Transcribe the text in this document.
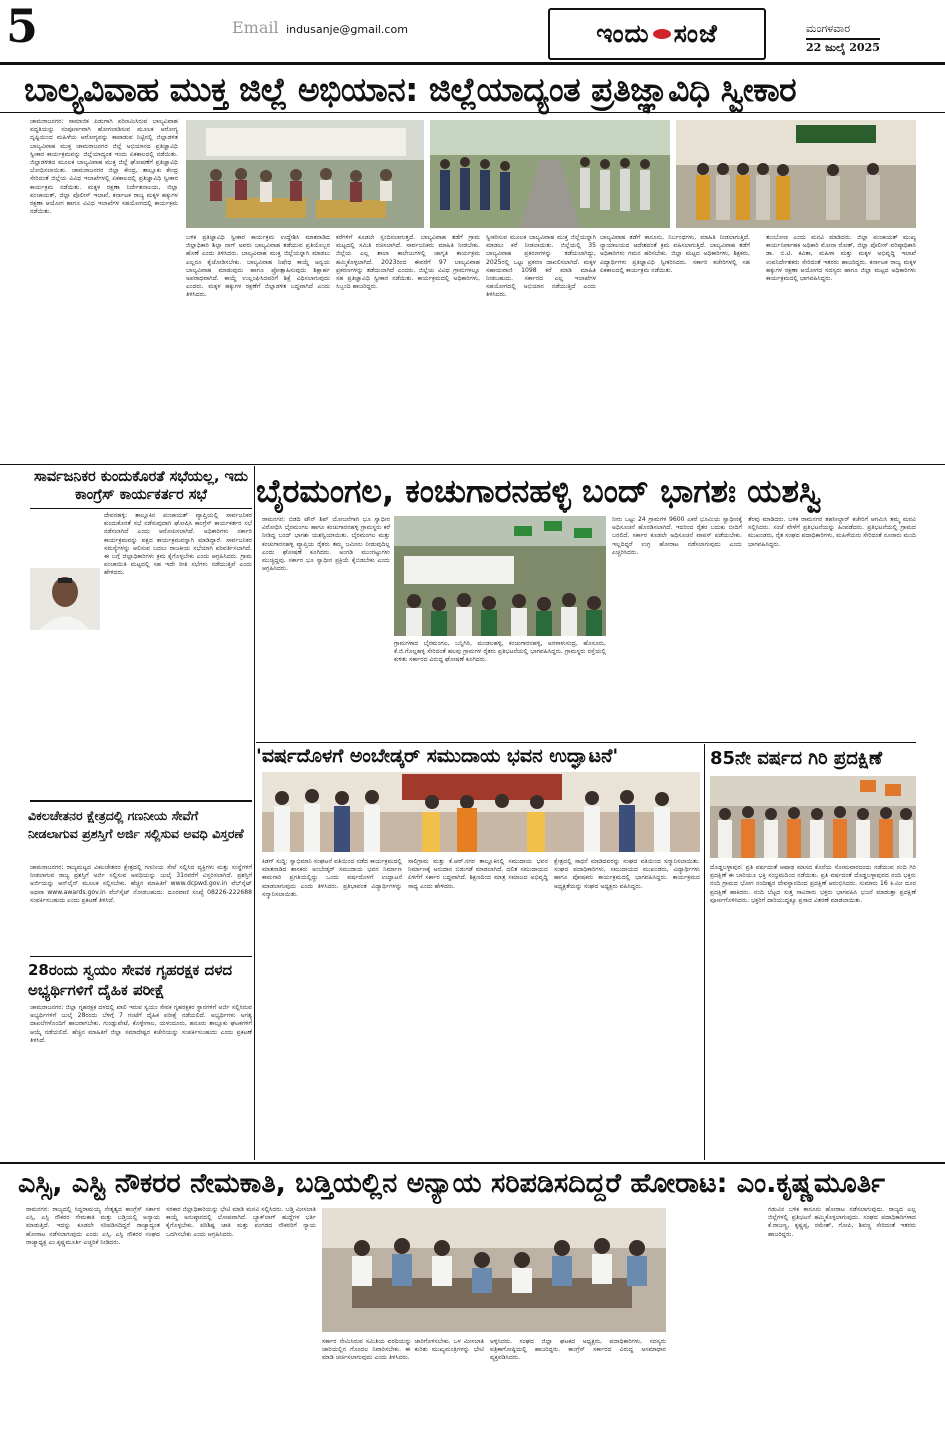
5	Email indusanje@gmail.com	ಇಂದು ಸಂಜೆ	ಮಂಗಳವಾರ
22 ಜುಲೈ 2025
ಬಾಲ್ಯವಿವಾಹ ಮುಕ್ತ ಜಿಲ್ಲೆ ಅಭಿಯಾನ: ಜಿಲ್ಲೆಯಾದ್ಯಂತ ಪ್ರತಿಜ್ಞಾವಿಧಿ ಸ್ವೀಕಾರ
ಚಾಮರಾಜನಗರ: ಸಾಮಾಜಿಕ ಪಿಡುಗಾಗಿ ಪರಿಣಮಿಸಿರುವ ಬಾಲ್ಯವಿವಾಹ ಪದ್ಧತಿಯನ್ನು ಸಂಪೂರ್ಣವಾಗಿ ಹೋಗಲಾಡಿಸುವ ಮೂಲಕ ಆರೋಗ್ಯ ದೃಷ್ಟಿಯಿಂದ ಮಹಿಳೆಯ ಆರೋಗ್ಯವನ್ನು ಕಾಪಾಡುವ ನಿಟ್ಟಿನಲ್ಲಿ ಜಿಲ್ಲಾಡಳಿತ ಬಾಲ್ಯವಿವಾಹ ಮುಕ್ತ ಚಾಮರಾಜನಗರ ಜಿಲ್ಲೆ ಅಭಿಯಾನದ ಪ್ರತಿಜ್ಞಾವಿಧಿ ಸ್ವೀಕಾರ ಕಾರ್ಯಕ್ರಮವನ್ನು ಜಿಲ್ಲೆಯಾದ್ಯಂತ ಇಂದು ಏಕಕಾಲದಲ್ಲಿ ನಡೆಯಿತು. ಜಿಲ್ಲಾಡಳಿತದ ಮೂಲಕ ಬಾಲ್ಯವಿವಾಹ ಮುಕ್ತ ಜಿಲ್ಲೆ ಘೋಷಣೆಗೆ ಪ್ರತಿಜ್ಞಾವಿಧಿ ಬೋಧಿಸಲಾಯಿತು. ಚಾಮರಾಜನಗರ ಜಿಲ್ಲಾ ಕೇಂದ್ರ, ತಾಲ್ಲೂಕು ಕೇಂದ್ರ ಸೇರಿದಂತೆ ಜಿಲ್ಲೆಯ ವಿವಿಧ ಇಲಾಖೆಗಳಲ್ಲಿ ಏಕಕಾಲದಲ್ಲಿ ಪ್ರತಿಜ್ಞಾವಿಧಿ ಸ್ವೀಕಾರ ಕಾರ್ಯಕ್ರಮ ನಡೆಯಿತು. ಮಕ್ಕಳ ರಕ್ಷಣಾ ನಿರ್ದೇಶನಾಲಯ, ಜಿಲ್ಲಾ ಪಂಚಾಯತ್, ಜಿಲ್ಲಾ ಪೊಲೀಸ್ ಇಲಾಖೆ, ಕರ್ನಾಟಕ ರಾಜ್ಯ ಮಕ್ಕಳ ಹಕ್ಕುಗಳ ರಕ್ಷಣಾ ಆಯೋಗ ಹಾಗೂ ವಿವಿಧ ಇಲಾಖೆಗಳ ಸಹಯೋಗದಲ್ಲಿ ಕಾರ್ಯಕ್ರಮ ನಡೆಯಿತು.
ಬಳಿಕ ಪ್ರತಿಜ್ಞಾವಿಧಿ ಸ್ವೀಕಾರ ಕಾರ್ಯಕ್ರಮ ಉದ್ದೇಶಿಸಿ ಮಾತನಾಡಿದ ಜಿಲ್ಲಾಧಿಕಾರಿ ಶಿಲ್ಪಾ ನಾಗ್ ಅವರು ಬಾಲ್ಯವಿವಾಹ ತಡೆಯುವ ಪ್ರತಿಯೊಬ್ಬರ ಹೊಣೆ ಎಂದು ತಿಳಿಸಿದರು. ಬಾಲ್ಯವಿವಾಹ ಮುಕ್ತ ಜಿಲ್ಲೆಯನ್ನಾಗಿ ಮಾಡಲು ಎಲ್ಲರೂ ಕೈಜೋಡಿಸಬೇಕು. ಬಾಲ್ಯವಿವಾಹ ನಿಷೇಧ ಕಾಯ್ದೆ ಅನ್ವಯ ಬಾಲ್ಯವಿವಾಹ ಮಾಡುವುದು ಹಾಗೂ ಪ್ರೋತ್ಸಾಹಿಸುವುದು ಶಿಕ್ಷಾರ್ಹ ಅಪರಾಧವಾಗಿದೆ. ಕಾಯ್ದೆ ಉಲ್ಲಂಘಿಸಿದವರಿಗೆ ಶಿಕ್ಷೆ ವಿಧಿಸಲಾಗುವುದು ಎಂದರು. ಮಕ್ಕಳ ಹಕ್ಕುಗಳ ರಕ್ಷಣೆಗೆ ಜಿಲ್ಲಾಡಳಿತ ಬದ್ಧವಾಗಿದೆ ಎಂದು ತಿಳಿಸಿದರು.
ಕರೆಗಳಿಗೆ ಕೂಡಲೇ ಸ್ಪಂದಿಸಲಾಗುತ್ತದೆ. ಬಾಲ್ಯವಿವಾಹ ತಡೆಗೆ ಗ್ರಾಮ ಮಟ್ಟದಲ್ಲಿ ಸಮಿತಿ ರಚಿಸಲಾಗಿದೆ. ಸಾರ್ವಜನಿಕರು ಮಾಹಿತಿ ನೀಡಬೇಕು. ಜಿಲ್ಲೆಯ ಎಲ್ಲ ಶಾಲಾ ಕಾಲೇಜುಗಳಲ್ಲಿ ಜಾಗೃತಿ ಕಾರ್ಯಕ್ರಮ ಹಮ್ಮಿಕೊಳ್ಳಲಾಗಿದೆ. 2023ರಿಂದ ಈವರೆಗೆ 97 ಬಾಲ್ಯವಿವಾಹ ಪ್ರಕರಣಗಳನ್ನು ತಡೆಯಲಾಗಿದೆ ಎಂದರು. ಜಿಲ್ಲೆಯ ವಿವಿಧ ಗ್ರಾಮಗಳಲ್ಲೂ ಸಹ ಪ್ರತಿಜ್ಞಾವಿಧಿ ಸ್ವೀಕಾರ ನಡೆಯಿತು. ಕಾರ್ಯಕ್ರಮದಲ್ಲಿ ಅಧಿಕಾರಿಗಳು, ಸಿಬ್ಬಂದಿ ಹಾಜರಿದ್ದರು.
ಸ್ವೀಕರಿಸುವ ಮೂಲಕ ಬಾಲ್ಯವಿವಾಹ ಮುಕ್ತ ಜಿಲ್ಲೆಯನ್ನಾಗಿ ಮಾಡಲು ಕರೆ ನೀಡಲಾಯಿತು. ಜಿಲ್ಲೆಯಲ್ಲಿ 35 ಬಾಲ್ಯವಿವಾಹ ಪ್ರಕರಣಗಳನ್ನು ತಡೆಯಲಾಗಿದ್ದು, 2025ರಲ್ಲಿ ಒಟ್ಟು ಪ್ರಕರಣ ದಾಖಲಿಸಲಾಗಿದೆ. ಮಕ್ಕಳ ಸಹಾಯವಾಣಿ 1098 ಕರೆ ಮಾಡಿ ಮಾಹಿತಿ ನೀಡಬಹುದು. ಸರ್ಕಾರದ ಎಲ್ಲ ಇಲಾಖೆಗಳ ಸಹಯೋಗದಲ್ಲಿ ಅಭಿಯಾನ ನಡೆಯುತ್ತಿದೆ ಎಂದು ತಿಳಿಸಿದರು.
ಬಾಲ್ಯವಿವಾಹ ತಡೆಗೆ ಕಾನೂನು, ನಿರ್ಬಂಧಗಳು, ಮಾಹಿತಿ ನೀಡಲಾಗುತ್ತಿದೆ. ನ್ಯಾಯಾಲಯದ ಆದೇಶದಂತೆ ಕ್ರಮ ವಹಿಸಲಾಗುತ್ತಿದೆ. ಬಾಲ್ಯವಿವಾಹ ತಡೆಗೆ ಅಧಿಕಾರಿಗಳು ಗಮನ ಹರಿಸಬೇಕು. ಜಿಲ್ಲಾ ಮಟ್ಟದ ಅಧಿಕಾರಿಗಳು, ಶಿಕ್ಷಕರು, ವಿದ್ಯಾರ್ಥಿಗಳು ಪ್ರತಿಜ್ಞಾವಿಧಿ ಸ್ವೀಕರಿಸಿದರು. ಸರ್ಕಾರಿ ಕಚೇರಿಗಳಲ್ಲಿ ಸಹ ಏಕಕಾಲದಲ್ಲಿ ಕಾರ್ಯಕ್ರಮ ನಡೆಯಿತು.
ತುಂಬೋಣ ಎಂದು ಮನವಿ ಮಾಡಿದರು. ಜಿಲ್ಲಾ ಪಂಚಾಯತ್ ಮುಖ್ಯ ಕಾರ್ಯನಿರ್ವಾಹಕ ಅಧಿಕಾರಿ ಮೋನಾ ರೋತ್, ಜಿಲ್ಲಾ ಪೊಲೀಸ್ ವರಿಷ್ಠಾಧಿಕಾರಿ ಡಾ. ಬಿ.ಟಿ. ಕವಿತಾ, ಮಹಿಳಾ ಮತ್ತು ಮಕ್ಕಳ ಅಭಿವೃದ್ಧಿ ಇಲಾಖೆ ಉಪನಿರ್ದೇಶಕರು ಸೇರಿದಂತೆ ಇತರರು ಹಾಜರಿದ್ದರು. ಕರ್ನಾಟಕ ರಾಜ್ಯ ಮಕ್ಕಳ ಹಕ್ಕುಗಳ ರಕ್ಷಣಾ ಆಯೋಗದ ಸದಸ್ಯರು ಹಾಗೂ ಜಿಲ್ಲಾ ಮಟ್ಟದ ಅಧಿಕಾರಿಗಳು ಕಾರ್ಯಕ್ರಮದಲ್ಲಿ ಭಾಗವಹಿಸಿದ್ದರು.
ಸಾರ್ವಜನಿಕರ ಕುಂದುಕೊರತೆ ಸಭೆಯಲ್ಲ, ಇದು ಕಾಂಗ್ರೆಸ್ ಕಾರ್ಯಕರ್ತರ ಸಭೆ
ದೇವನಹಳ್ಳಿ: ತಾಲ್ಲೂಕಿನ ಪಂಚಾಯತ್ ವ್ಯಾಪ್ತಿಯಲ್ಲಿ ಸಾರ್ವಜನಿಕರ ಕುಂದುಕೊರತೆ ಸಭೆ ನಡೆಸುವುದಾಗಿ ಘೋಷಿಸಿ ಕಾಂಗ್ರೆಸ್ ಕಾರ್ಯಕರ್ತರ ಸಭೆ ನಡೆಸಲಾಗಿದೆ ಎಂದು ಆರೋಪಿಸಲಾಗಿದೆ. ಅಧಿಕಾರಿಗಳು ಸರ್ಕಾರಿ ಕಾರ್ಯಕ್ರಮವನ್ನು ಪಕ್ಷದ ಕಾರ್ಯಕ್ರಮವನ್ನಾಗಿ ಮಾಡಿದ್ದಾರೆ. ಸಾರ್ವಜನಿಕರ ಸಮಸ್ಯೆಗಳನ್ನು ಆಲಿಸುವ ಬದಲು ರಾಜಕೀಯ ಸಭೆಯಾಗಿ ಪರಿವರ್ತಿಸಲಾಗಿದೆ. ಈ ಬಗ್ಗೆ ಜಿಲ್ಲಾಧಿಕಾರಿಗಳು ಕ್ರಮ ಕೈಗೊಳ್ಳಬೇಕು ಎಂದು ಆಗ್ರಹಿಸಿದರು. ಗ್ರಾಮ ಪಂಚಾಯಿತಿ ಮಟ್ಟದಲ್ಲಿ ಸಹ ಇದೇ ರೀತಿ ಸಭೆಗಳು ನಡೆಯುತ್ತಿವೆ ಎಂದು ಹೇಳಿದರು.
ವಿಕಲಚೇತನರ ಕ್ಷೇತ್ರದಲ್ಲಿ ಗಣನೀಯ ಸೇವೆಗೆ ನೀಡಲಾಗುವ ಪ್ರಶಸ್ತಿಗೆ ಅರ್ಜಿ ಸಲ್ಲಿಸುವ ಅವಧಿ ವಿಸ್ತರಣೆ
ಚಾಮರಾಜನಗರ: ರಾಜ್ಯಮಟ್ಟದ ವಿಕಲಚೇತನರ ಕ್ಷೇತ್ರದಲ್ಲಿ ಗಣನೀಯ ಸೇವೆ ಸಲ್ಲಿಸಿದ ವ್ಯಕ್ತಿಗಳು ಮತ್ತು ಸಂಸ್ಥೆಗಳಿಗೆ ನೀಡಲಾಗುವ ರಾಜ್ಯ ಪ್ರಶಸ್ತಿಗೆ ಅರ್ಜಿ ಸಲ್ಲಿಸುವ ಅವಧಿಯನ್ನು ಜುಲೈ 31ರವರೆಗೆ ವಿಸ್ತರಿಸಲಾಗಿದೆ. ಪ್ರಶಸ್ತಿಗೆ ಅರ್ಜಿಯನ್ನು ಆನ್‌ಲೈನ್ ಮೂಲಕ ಸಲ್ಲಿಸಬೇಕು. ಹೆಚ್ಚಿನ ಮಾಹಿತಿಗೆ www.dcpwd.gov.in ವೆಬ್‌ಸೈಟ್ ಅಥವಾ www.awards.gov.in ವೆಬ್‌ಸೈಟ್ ನೋಡಬಹುದು. ದೂರವಾಣಿ ಸಂಖ್ಯೆ 08226-222688 ಸಂಪರ್ಕಿಸಬಹುದು ಎಂದು ಪ್ರಕಟಣೆ ತಿಳಿಸಿದೆ.
28ರಂದು ಸ್ವಯಂ ಸೇವಕ ಗೃಹರಕ್ಷಕ ದಳದ ಅಭ್ಯರ್ಥಿಗಳಿಗೆ ದೈಹಿಕ ಪರೀಕ್ಷೆ
ಚಾಮರಾಜನಗರ: ಜಿಲ್ಲಾ ಗೃಹರಕ್ಷಕ ದಳದಲ್ಲಿ ಖಾಲಿ ಇರುವ ಸ್ವಯಂ ಸೇವಕ ಗೃಹರಕ್ಷಕರ ಸ್ಥಾನಗಳಿಗೆ ಅರ್ಜಿ ಸಲ್ಲಿಸಿರುವ ಅಭ್ಯರ್ಥಿಗಳಿಗೆ ಜುಲೈ 28ರಂದು ಬೆಳಿಗ್ಗೆ 7 ಗಂಟೆಗೆ ದೈಹಿಕ ಪರೀಕ್ಷೆ ನಡೆಯಲಿದೆ. ಅಭ್ಯರ್ಥಿಗಳು ಅಗತ್ಯ ದಾಖಲೆಗಳೊಂದಿಗೆ ಹಾಜರಾಗಬೇಕು. ಗುಂಡ್ಲುಪೇಟೆ, ಕೊಳ್ಳೇಗಾಲ, ಯಳಂದೂರು, ಹನೂರು ತಾಲ್ಲೂಕು ಘಟಕಗಳಿಗೆ ಆಯ್ಕೆ ನಡೆಯಲಿದೆ. ಹೆಚ್ಚಿನ ಮಾಹಿತಿಗೆ ಜಿಲ್ಲಾ ಸಮಾದೇಷ್ಟರ ಕಚೇರಿಯನ್ನು ಸಂಪರ್ಕಿಸಬಹುದು ಎಂದು ಪ್ರಕಟಣೆ ತಿಳಿಸಿದೆ.
ಬೈರಮಂಗಲ, ಕಂಚುಗಾರನಹಳ್ಳಿ ಬಂದ್ ಭಾಗಶಃ ಯಶಸ್ವಿ
ರಾಮನಗರ: ಬಿಡದಿ ಟೌನ್ ಶಿಪ್ ಯೋಜನೆಗಾಗಿ ಭೂ ಸ್ವಾಧೀನ ವಿರೋಧಿಸಿ ಬೈರಮಂಗಲ ಹಾಗೂ ಕಂಚುಗಾರನಹಳ್ಳಿ ಗ್ರಾಮಸ್ಥರು ಕರೆ ನೀಡಿದ್ದ ಬಂದ್ ಭಾಗಶಃ ಯಶಸ್ವಿಯಾಯಿತು. ಬೈರಮಂಗಲ ಮತ್ತು ಕಂಚುಗಾರನಹಳ್ಳಿ ವ್ಯಾಪ್ತಿಯ ರೈತರು ತಮ್ಮ ಜಮೀನು ನೀಡುವುದಿಲ್ಲ ಎಂದು ಘೋಷಣೆ ಕೂಗಿದರು. ಅಂಗಡಿ ಮುಂಗಟ್ಟುಗಳು ಮುಚ್ಚಿದ್ದವು. ಸರ್ಕಾರ ಭೂ ಸ್ವಾಧೀನ ಪ್ರಕ್ರಿಯೆ ಕೈಬಿಡಬೇಕು ಎಂದು ಆಗ್ರಹಿಸಿದರು.
ಗ್ರಾಮಗಳಾದ ಬೈರಮಂಗಲ, ಬನ್ನಿಗಿರಿ, ಮಂಡಲಹಳ್ಳಿ, ಕಂಚುಗಾರನಹಳ್ಳಿ, ಅರಳಾಳುಸಂದ್ರ, ಹೊಸೂರು, ಕೆ.ಜಿ.ಗೊಲ್ಲಹಳ್ಳಿ ಸೇರಿದಂತೆ ಹಲವು ಗ್ರಾಮಗಳ ರೈತರು ಪ್ರತಿಭಟನೆಯಲ್ಲಿ ಭಾಗವಹಿಸಿದ್ದರು. ಗ್ರಾಮಸ್ಥರು ರಸ್ತೆಯಲ್ಲಿ ಕುಳಿತು ಸರ್ಕಾರದ ವಿರುದ್ಧ ಘೋಷಣೆ ಕೂಗಿದರು.
ನೀರು ಒಟ್ಟು 24 ಗ್ರಾಮಗಳ 9600 ಎಕರೆ ಭೂಮಿಯ ಸ್ವಾಧೀನಕ್ಕೆ ಅಧಿಸೂಚನೆ ಹೊರಡಿಸಲಾಗಿದೆ. ಇದರಿಂದ ರೈತರ ಬದುಕು ಬೀದಿಗೆ ಬರಲಿದೆ. ಸರ್ಕಾರ ಕೂಡಲೇ ಅಧಿಸೂಚನೆ ವಾಪಸ್ ಪಡೆಯಬೇಕು. ಇಲ್ಲದಿದ್ದರೆ ಉಗ್ರ ಹೋರಾಟ ನಡೆಸಲಾಗುವುದು ಎಂದು ಎಚ್ಚರಿಸಿದರು.
ತೆರವು ಮಾಡಿದರು. ಬಳಿಕ ರಾಮನಗರ ತಹಸೀಲ್ದಾರ್ ಕಚೇರಿಗೆ ಆಗಮಿಸಿ ತಮ್ಮ ಮನವಿ ಸಲ್ಲಿಸಿದರು. ಸಂಜೆ ವೇಳೆಗೆ ಪ್ರತಿಭಟನೆಯನ್ನು ಹಿಂಪಡೆದರು. ಪ್ರತಿಭಟನೆಯಲ್ಲಿ ಗ್ರಾಮದ ಮುಖಂಡರು, ರೈತ ಸಂಘದ ಪದಾಧಿಕಾರಿಗಳು, ಮಹಿಳೆಯರು ಸೇರಿದಂತೆ ನೂರಾರು ಮಂದಿ ಭಾಗವಹಿಸಿದ್ದರು.
'ವರ್ಷದೊಳಗೆ ಅಂಬೇಡ್ಕರ್ ಸಮುದಾಯ ಭವನ ಉದ್ಘಾಟನೆ'
ಕಿಡಗ್ ಸುದ್ದಿ: ಸ್ವಾಭಿಮಾನಿ ಸಂಘಟನೆ ವತಿಯಿಂದ ನಡೆದ ಕಾರ್ಯಕ್ರಮದಲ್ಲಿ ಮಾತನಾಡಿದ ಶಾಸಕರು ಅಂಬೇಡ್ಕರ್ ಸಮುದಾಯ ಭವನ ನಿರ್ಮಾಣ ಕಾಮಗಾರಿ ಪ್ರಗತಿಯಲ್ಲಿದ್ದು ಒಂದು ವರ್ಷದೊಳಗೆ ಉದ್ಘಾಟನೆ ಮಾಡಲಾಗುವುದು ಎಂದು ತಿಳಿಸಿದರು. ಪ್ರತಿಭಾವಂತ ವಿದ್ಯಾರ್ಥಿಗಳನ್ನು ಸನ್ಮಾನಿಸಲಾಯಿತು.
ಸಾಲಿಗ್ರಾಮ ಮತ್ತು ಕೆ.ಆರ್.ನಗರ ತಾಲ್ಲೂಕಿನಲ್ಲಿ ಸಮುದಾಯ ಭವನ ನಿರ್ಮಾಣಕ್ಕೆ ಅನುದಾನ ಬಿಡುಗಡೆ ಮಾಡಲಾಗಿದೆ. ದಲಿತ ಸಮುದಾಯದ ಏಳಿಗೆಗೆ ಸರ್ಕಾರ ಬದ್ಧವಾಗಿದೆ. ಶಿಕ್ಷಣದಿಂದ ಮಾತ್ರ ಸಮಾಜದ ಅಭಿವೃದ್ಧಿ ಸಾಧ್ಯ ಎಂದು ಹೇಳಿದರು.
ಕ್ಷೇತ್ರದಲ್ಲಿ ಸಾಧನೆ ಮಾಡಿದವರನ್ನು ಸಂಘದ ವತಿಯಿಂದ ಸನ್ಮಾನಿಸಲಾಯಿತು. ಸಂಘದ ಪದಾಧಿಕಾರಿಗಳು, ಸಮುದಾಯದ ಮುಖಂಡರು, ವಿದ್ಯಾರ್ಥಿಗಳು ಹಾಗೂ ಪೋಷಕರು ಕಾರ್ಯಕ್ರಮದಲ್ಲಿ ಭಾಗವಹಿಸಿದ್ದರು. ಕಾರ್ಯಕ್ರಮದ ಅಧ್ಯಕ್ಷತೆಯನ್ನು ಸಂಘದ ಅಧ್ಯಕ್ಷರು ವಹಿಸಿದ್ದರು.
85ನೇ ವರ್ಷದ ಗಿರಿ ಪ್ರದಕ್ಷಿಣೆ
ದೊಡ್ಡಬಳ್ಳಾಪುರ: ಪ್ರತಿ ವರ್ಷದಂತೆ ಆಷಾಢ ಮಾಸದ ಕೊನೆಯ ಸೋಮವಾರದಂದು ನಡೆಯುವ ನಂದಿ ಗಿರಿ ಪ್ರದಕ್ಷಿಣೆ ಈ ಬಾರಿಯೂ ಭಕ್ತಿ ಸಂಭ್ರಮದಿಂದ ನಡೆಯಿತು. ಪ್ರತಿ ವರ್ಷದಂತೆ ದೊಡ್ಡಬಳ್ಳಾಪುರದ ನಂದಿ ಭಕ್ತರು ನಂದಿ ಗ್ರಾಮದ ಭೋಗ ನಂದೀಶ್ವರ ದೇವಸ್ಥಾನದಿಂದ ಪ್ರದಕ್ಷಿಣೆ ಆರಂಭಿಸಿದರು. ಸುಮಾರು 16 ಕಿ.ಮೀ ದೂರ ಪ್ರದಕ್ಷಿಣೆ ಹಾಕಿದರು. ನಂದಿ ಬೆಟ್ಟದ ಸುತ್ತ ಸಾವಿರಾರು ಭಕ್ತರು ಭಾಗವಹಿಸಿ ಭಜನೆ ಮಾಡುತ್ತಾ ಪ್ರದಕ್ಷಿಣೆ ಪೂರ್ಣಗೊಳಿಸಿದರು. ಭಕ್ತರಿಗೆ ದಾರಿಯುದ್ದಕ್ಕೂ ಪ್ರಸಾದ ವಿತರಣೆ ಮಾಡಲಾಯಿತು.
ಎಸ್ಸಿ, ಎಸ್ಟಿ ನೌಕರರ ನೇಮಕಾತಿ, ಬಡ್ತಿಯಲ್ಲಿನ ಅನ್ಯಾಯ ಸರಿಪಡಿಸದಿದ್ದರೆ ಹೋರಾಟ: ಎಂ.ಕೃಷ್ಣಮೂರ್ತಿ
ರಾಮನಗರ: ರಾಜ್ಯದಲ್ಲಿ ಸಿದ್ದರಾಮಯ್ಯ ನೇತೃತ್ವದ ಕಾಂಗ್ರೆಸ್ ಸರ್ಕಾರ ಎಸ್ಸಿ, ಎಸ್ಟಿ ನೌಕರರ ನೇಮಕಾತಿ ಮತ್ತು ಬಡ್ತಿಯಲ್ಲಿ ಅನ್ಯಾಯ ಮಾಡುತ್ತಿದೆ. ಇದನ್ನು ಕೂಡಲೇ ಸರಿಪಡಿಸದಿದ್ದರೆ ರಾಜ್ಯಾದ್ಯಂತ ಹೋರಾಟ ನಡೆಸಲಾಗುವುದು ಎಂದು ಎಸ್ಸಿ, ಎಸ್ಟಿ ನೌಕರರ ಸಂಘದ ರಾಜ್ಯಾಧ್ಯಕ್ಷ ಎಂ.ಕೃಷ್ಣಮೂರ್ತಿ ಎಚ್ಚರಿಕೆ ನೀಡಿದರು.
ಸರಕಾರ ಜಿಲ್ಲಾಧಿಕಾರಿಯನ್ನು ಭೇಟಿ ಮಾಡಿ ಮನವಿ ಸಲ್ಲಿಸಿದರು. ಬಡ್ತಿ ಮೀಸಲಾತಿ ಕಾಯ್ದೆ ಅನುಷ್ಠಾನದಲ್ಲಿ ಲೋಪವಾಗಿದೆ. ಬ್ಯಾಕ್‌ಲಾಗ್ ಹುದ್ದೆಗಳ ಭರ್ತಿ ಕೈಗೊಳ್ಳಬೇಕು. ಪರಿಶಿಷ್ಟ ಜಾತಿ ಮತ್ತು ಪಂಗಡದ ನೌಕರರಿಗೆ ನ್ಯಾಯ ಒದಗಿಸಬೇಕು ಎಂದು ಆಗ್ರಹಿಸಿದರು.
ಸರ್ಕಾರ ನೇಮಿಸಿರುವ ಸಮಿತಿಯ ವರದಿಯನ್ನು ಜಾರಿಗೊಳಿಸಬೇಕು. ಒಳ ಮೀಸಲಾತಿ ಜಾರಿಯಲ್ಲಿನ ಗೊಂದಲ ನಿವಾರಿಸಬೇಕು. ಈ ಕುರಿತು ಮುಖ್ಯಮಂತ್ರಿಗಳನ್ನು ಭೇಟಿ ಮಾಡಿ ಚರ್ಚಿಸಲಾಗುವುದು ಎಂದು ತಿಳಿಸಿದರು.
ಅಳ್ಳಿಸಿದರು. ಸಂಘದ ಜಿಲ್ಲಾ ಘಟಕದ ಅಧ್ಯಕ್ಷರು, ಪದಾಧಿಕಾರಿಗಳು, ಸದಸ್ಯರು ಪತ್ರಿಕಾಗೋಷ್ಠಿಯಲ್ಲಿ ಹಾಜರಿದ್ದರು. ಕಾಂಗ್ರೆಸ್ ಸರ್ಕಾರದ ವಿರುದ್ಧ ಅಸಮಾಧಾನ ವ್ಯಕ್ತಪಡಿಸಿದರು.
ಗಡುವಿನ ಬಳಿಕ ಕಾನೂನು ಹೋರಾಟ ನಡೆಸಲಾಗುವುದು. ರಾಜ್ಯದ ಎಲ್ಲ ಜಿಲ್ಲೆಗಳಲ್ಲಿ ಪ್ರತಿಭಟನೆ ಹಮ್ಮಿಕೊಳ್ಳಲಾಗುವುದು. ಸಂಘದ ಪದಾಧಿಕಾರಿಗಳಾದ ಕೆ.ರಾಜಣ್ಣ, ಕೃಷ್ಣಪ್ಪ, ರಮೇಶ್, ಗೋಪಿ, ಶಿವಣ್ಣ ಸೇರಿದಂತೆ ಇತರರು ಹಾಜರಿದ್ದರು.
